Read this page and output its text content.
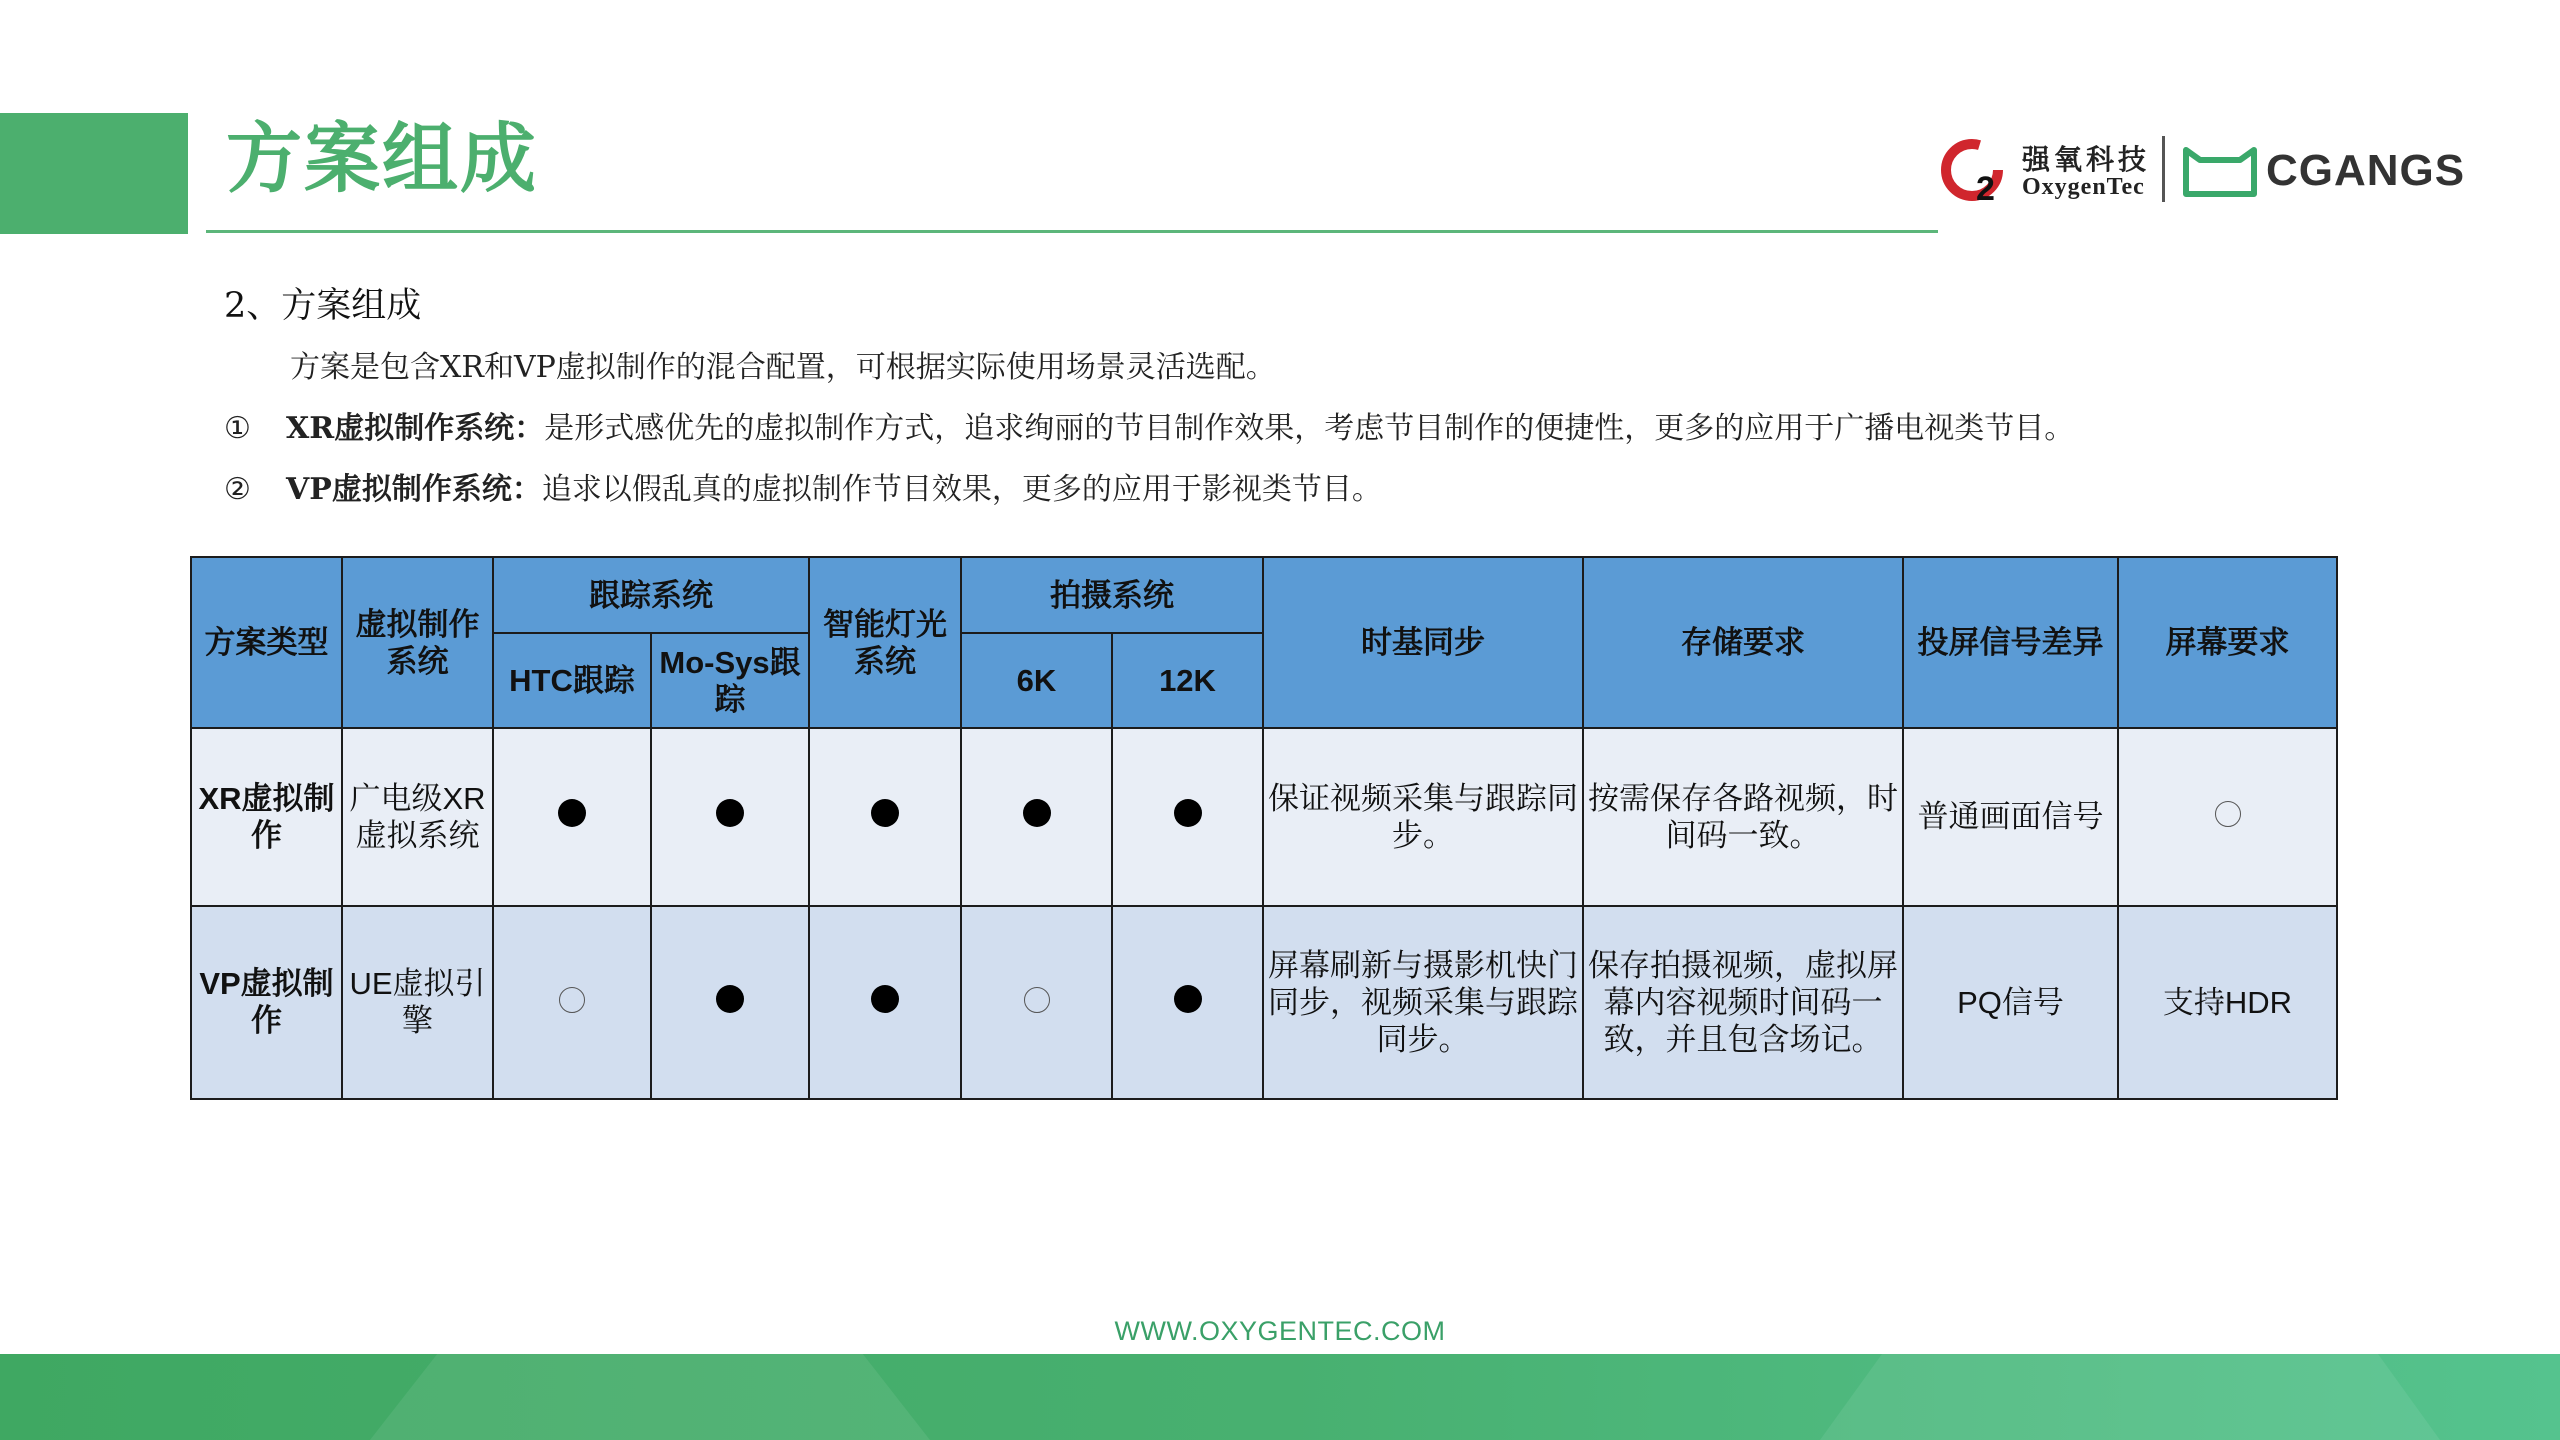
方案组成	2
强氧科技
OxygenTec	CGANGS
2、方案组成
方案是包含XR和VP虚拟制作的混合配置，可根据实际使用场景灵活选配。
① XR虚拟制作系统：是形式感优先的虚拟制作方式，追求绚丽的节目制作效果，考虑节目制作的便捷性，更多的应用于广播电视类节目。
② VP虚拟制作系统：追求以假乱真的虚拟制作节目效果，更多的应用于影视类节目。
方案类型	虚拟制作系统	跟踪系统		智能灯光系统	拍摄系统		时基同步	存储要求	投屏信号差异	屏幕要求
		HTC跟踪	Mo-Sys跟踪		6K	12K				
XR虚拟制作	广电级XR虚拟系统						保证视频采集与跟踪同步。	按需保存各路视频，时间码一致。	普通画面信号	
VP虚拟制作	UE虚拟引擎						屏幕刷新与摄影机快门同步，视频采集与跟踪同步。	保存拍摄视频，虚拟屏幕内容视频时间码一致，并且包含场记。	PQ信号	支持HDR
WWW.OXYGENTEC.COM
